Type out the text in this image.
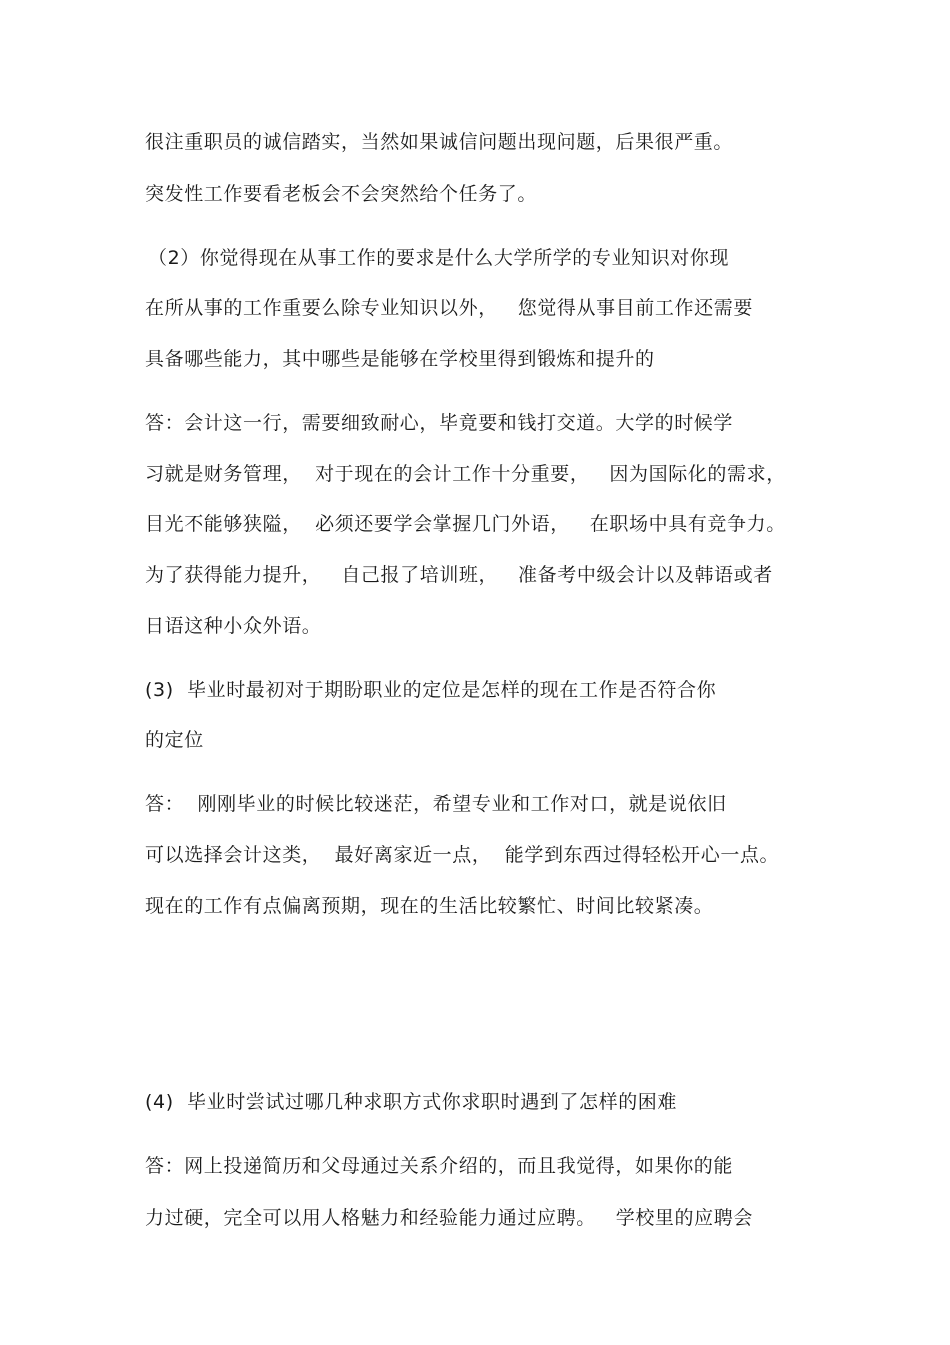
很注重职员的诚信踏实，当然如果诚信问题出现问题，后果很严重。
突发性工作要看老板会不会突然给个任务了。
（2）你觉得现在从事工作的要求是什么大学所学的专业知识对你现
在所从事的工作重要么除专业知识以外，   您觉得从事目前工作还需要
具备哪些能力，其中哪些是能够在学校里得到锻炼和提升的
答：会计这一行，需要细致耐心，毕竟要和钱打交道。大学的时候学
习就是财务管理，  对于现在的会计工作十分重要，   因为国际化的需求，
目光不能够狭隘，  必须还要学会掌握几门外语，   在职场中具有竞争力。
为了获得能力提升，   自己报了培训班，   准备考中级会计以及韩语或者
日语这种小众外语。
(3)  毕业时最初对于期盼职业的定位是怎样的现在工作是否符合你
的定位
答：  刚刚毕业的时候比较迷茫，希望专业和工作对口，就是说依旧
可以选择会计这类，  最好离家近一点，  能学到东西过得轻松开心一点。
现在的工作有点偏离预期，现在的生活比较繁忙、时间比较紧凑。
(4)  毕业时尝试过哪几种求职方式你求职时遇到了怎样的困难
答：网上投递简历和父母通过关系介绍的，而且我觉得，如果你的能
力过硬，完全可以用人格魅力和经验能力通过应聘。   学校里的应聘会
